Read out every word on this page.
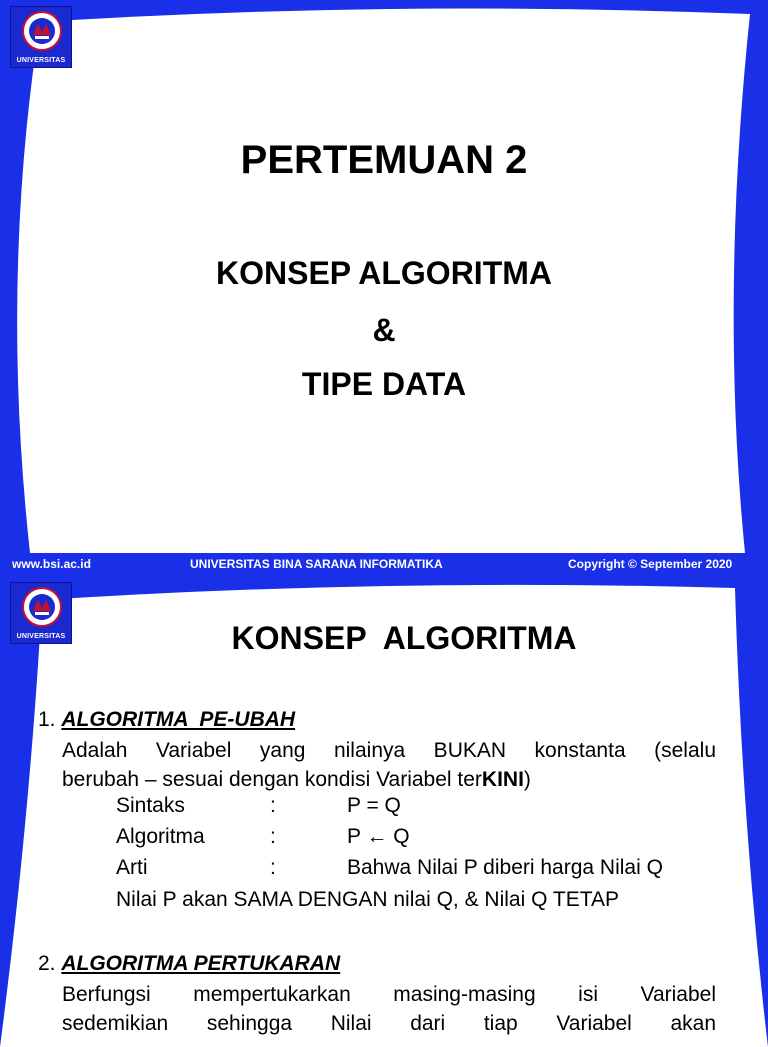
UNIVERSITAS
PERTEMUAN 2
KONSEP ALGORITMA
&
TIPE DATA
www.bsi.ac.id	UNIVERSITAS BINA SARANA INFORMATIKA	Copyright © September 2020
UNIVERSITAS	KONSEP  ALGORITMA
1. ALGORITMA  PE-UBAH
Adalah Variabel yang nilainya BUKAN konstanta (selalu
berubah – sesuai dengan kondisi Variabel terKINI)
Sintaks	:	P = Q
Algoritma	:	P ← Q
Arti	:	Bahwa Nilai P diberi harga Nilai Q
Nilai P akan SAMA DENGAN nilai Q, & Nilai Q TETAP
2. ALGORITMA PERTUKARAN
Berfungsi mempertukarkan masing-masing isi Variabel
sedemikian sehingga Nilai dari tiap Variabel akan
